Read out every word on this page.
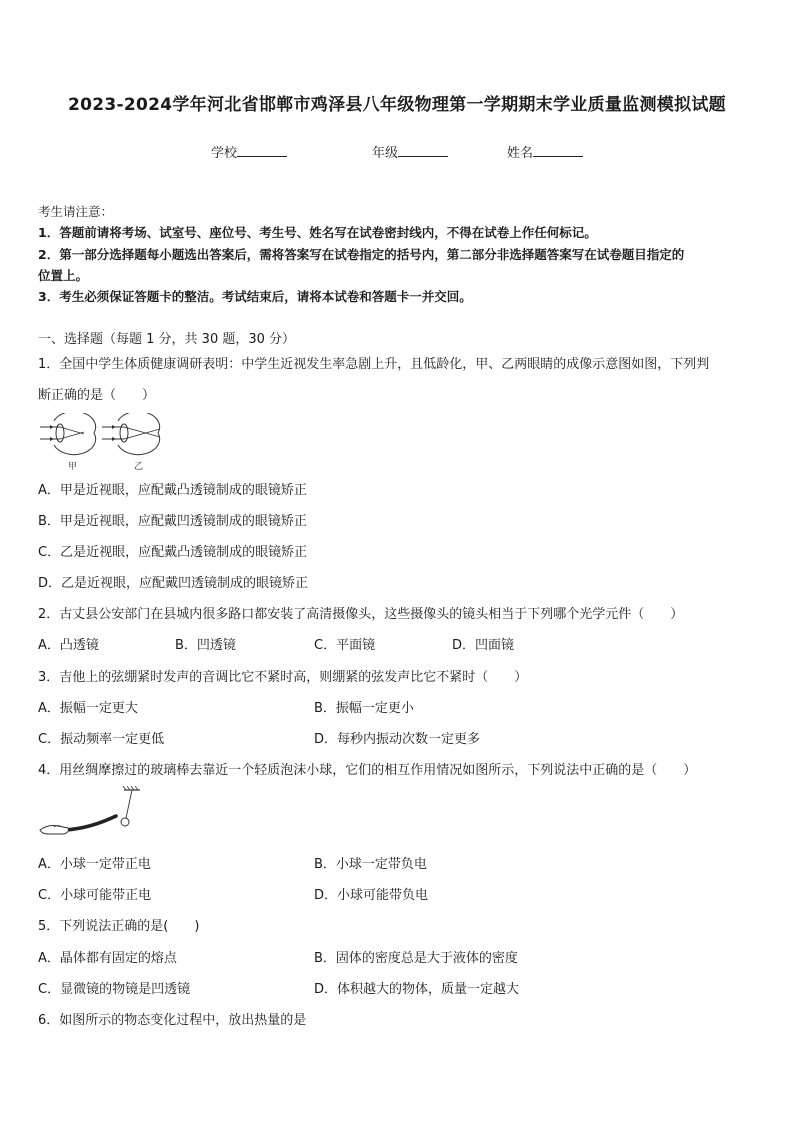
2023-2024学年河北省邯郸市鸡泽县八年级物理第一学期期末学业质量监测模拟试题
学校	年级	姓名
考生请注意：
1．答题前请将考场、试室号、座位号、考生号、姓名写在试卷密封线内，不得在试卷上作任何标记。
2．第一部分选择题每小题选出答案后，需将答案写在试卷指定的括号内，第二部分非选择题答案写在试卷题目指定的
位置上。
3．考生必须保证答题卡的整洁。考试结束后，请将本试卷和答题卡一并交回。
一、选择题（每题 1 分，共 30 题，30 分）
1．全国中学生体质健康调研表明：中学生近视发生率急剧上升，且低龄化，甲、乙两眼睛的成像示意图如图，下列判
断正确的是（　　）
甲	乙
A．甲是近视眼，应配戴凸透镜制成的眼镜矫正
B．甲是近视眼，应配戴凹透镜制成的眼镜矫正
C．乙是近视眼，应配戴凸透镜制成的眼镜矫正
D．乙是近视眼，应配戴凹透镜制成的眼镜矫正
2．古丈县公安部门在县城内很多路口都安装了高清摄像头，这些摄像头的镜头相当于下列哪个光学元件（　　）
A．凸透镜	B．凹透镜	C．平面镜	D．凹面镜
3．吉他上的弦绷紧时发声的音调比它不紧时高，则绷紧的弦发声比它不紧时（　　）
A．振幅一定更大	B．振幅一定更小
C．振动频率一定更低	D．每秒内振动次数一定更多
4．用丝绸摩擦过的玻璃棒去靠近一个轻质泡沫小球，它们的相互作用情况如图所示，下列说法中正确的是（　　）
A．小球一定带正电	B．小球一定带负电
C．小球可能带正电	D．小球可能带负电
5．下列说法正确的是(　　)
A．晶体都有固定的熔点	B．固体的密度总是大于液体的密度
C．显微镜的物镜是凹透镜	D．体积越大的物体，质量一定越大
6．如图所示的物态变化过程中，放出热量的是
